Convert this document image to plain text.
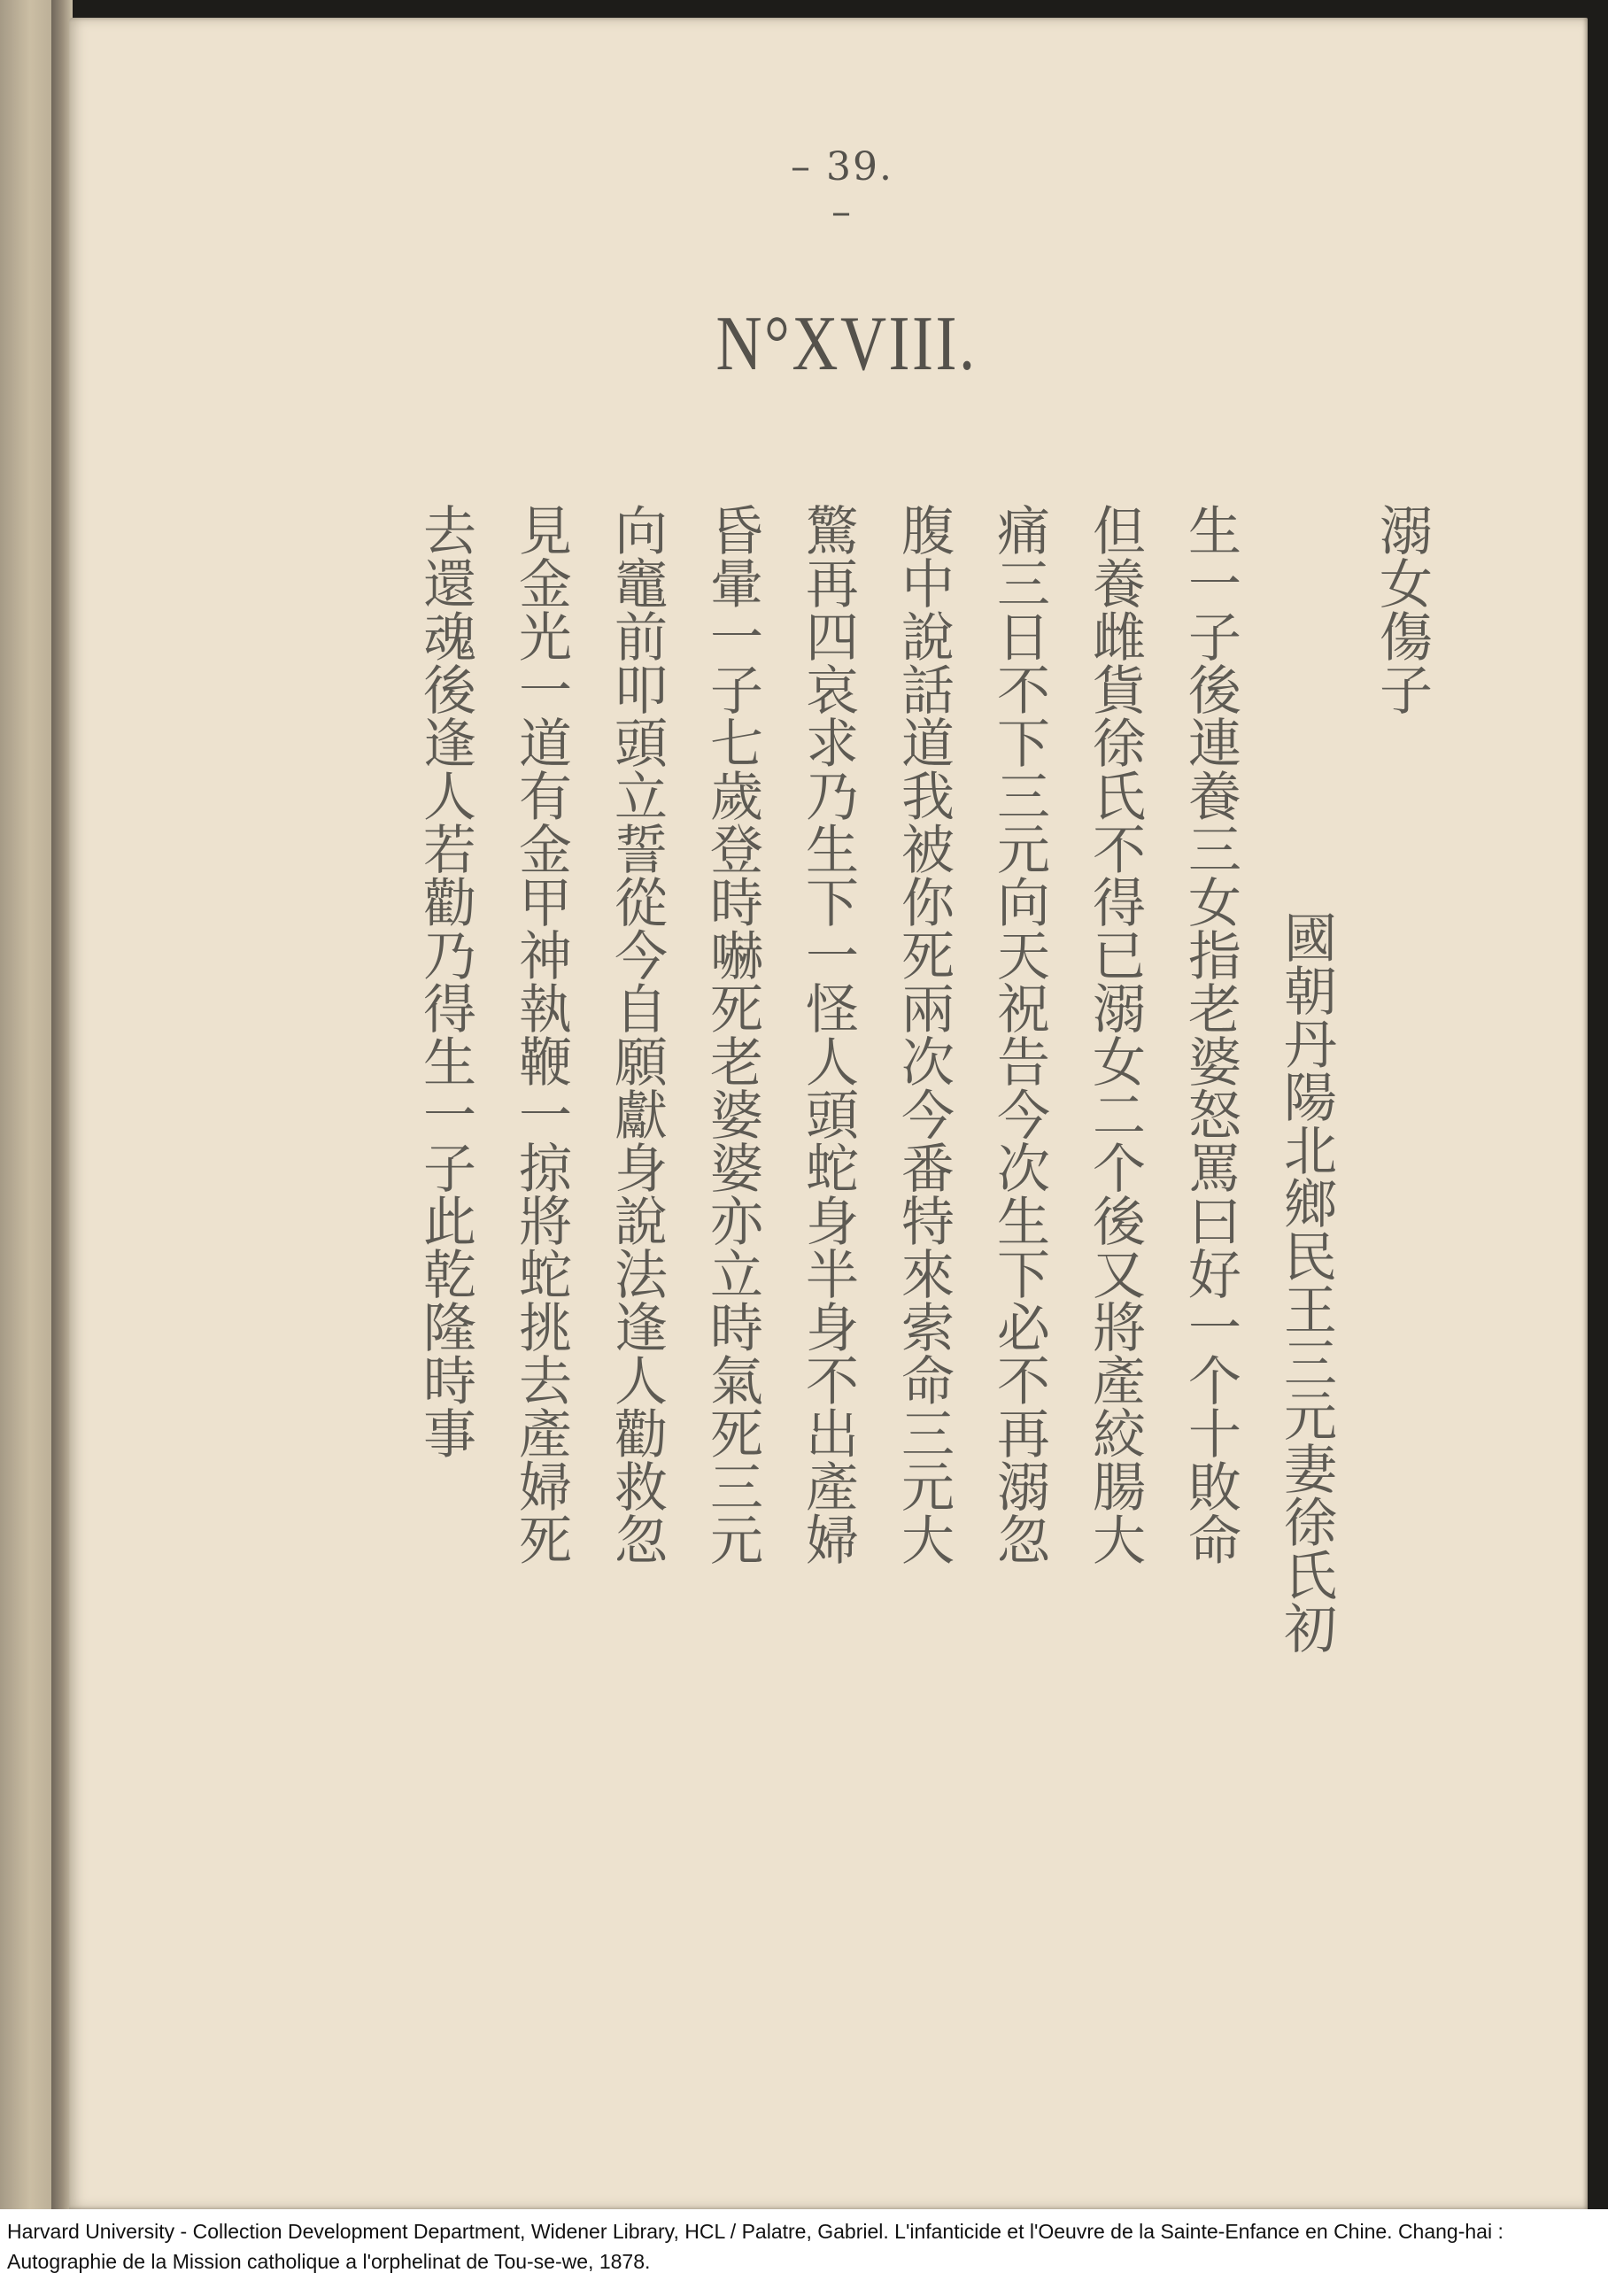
– 39. –
N°XVIII.
溺女傷子
國朝丹陽北鄉民王三元妻徐氏初
生一子後連養三女指老婆怒罵曰好一个十敗命
但養雌貨徐氏不得已溺女二个後又將產絞腸大
痛三日不下三元向天祝告今次生下必不再溺忽
腹中說話道我被你死兩次今番特來索命三元大
驚再四哀求乃生下一怪人頭蛇身半身不出產婦
昏暈一子七歲登時嚇死老婆婆亦立時氣死三元
向竈前叩頭立誓從今自願獻身說法逢人勸救忽
見金光一道有金甲神執鞭一掠將蛇挑去產婦死
去還魂後逢人若勸乃得生一子此乾隆時事
Harvard University - Collection Development Department, Widener Library, HCL / Palatre, Gabriel. L'infanticide et l'Oeuvre de la Sainte-Enfance en Chine. Chang-hai :
Autographie de la Mission catholique a l'orphelinat de Tou-se-we, 1878.
